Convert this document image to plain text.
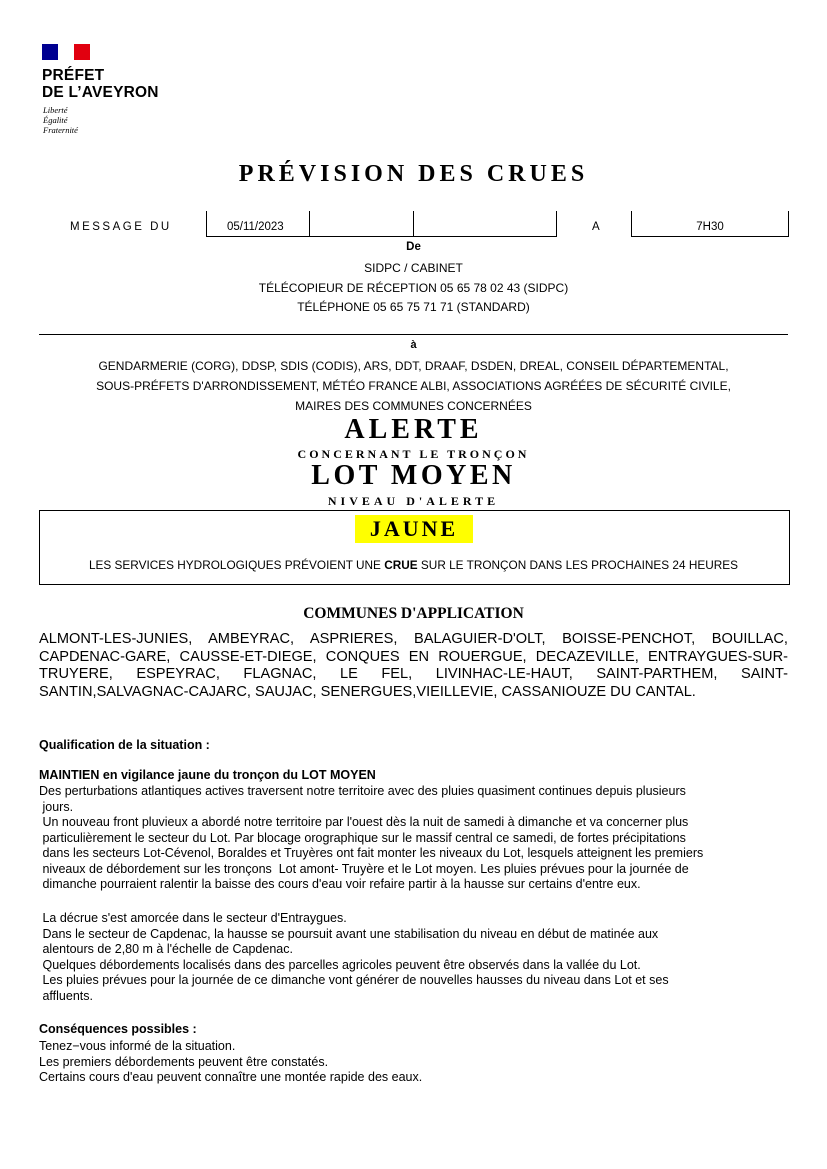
PRÉFET
DE L’AVEYRON
Liberté
Égalité
Fraternité
PRÉVISION DES CRUES
MESSAGE DU	05/11/2023	A	7H30
De
SIDPC / CABINET
TÉLÉCOPIEUR DE RÉCEPTION 05 65 78 02 43 (SIDPC)
TÉLÉPHONE 05 65 75 71 71 (STANDARD)
à
GENDARMERIE (CORG), DDSP, SDIS (CODIS), ARS, DDT, DRAAF, DSDEN, DREAL, CONSEIL DÉPARTEMENTAL,
SOUS-PRÉFETS D'ARRONDISSEMENT, MÉTÉO FRANCE ALBI, ASSOCIATIONS AGRÉÉES DE SÉCURITÉ CIVILE,
MAIRES DES COMMUNES CONCERNÉES
ALERTE
CONCERNANT LE TRONÇON
LOT MOYEN
NIVEAU D'ALERTE
JAUNE
LES SERVICES HYDROLOGIQUES PRÉVOIENT UNE CRUE SUR LE TRONÇON DANS LES PROCHAINES 24 HEURES
COMMUNES D'APPLICATION
ALMONT-LES-JUNIES, AMBEYRAC, ASPRIERES, BALAGUIER-D'OLT, BOISSE-PENCHOT, BOUILLAC, CAPDENAC-GARE, CAUSSE-ET-DIEGE, CONQUES EN ROUERGUE, DECAZEVILLE, ENTRAYGUES-SUR-TRUYERE, ESPEYRAC, FLAGNAC, LE FEL, LIVINHAC-LE-HAUT, SAINT-PARTHEM, SAINT-SANTIN,SALVAGNAC-CAJARC, SAUJAC, SENERGUES,VIEILLEVIE, CASSANIOUZE DU CANTAL.
Qualification de la situation :
MAINTIEN en vigilance jaune du tronçon du LOT MOYEN

Des perturbations atlantiques actives traversent notre territoire avec des pluies quasiment continues depuis plusieurs

jours.

Un nouveau front pluvieux a abordé notre territoire par l'ouest dès la nuit de samedi à dimanche et va concerner plus

particulièrement le secteur du Lot. Par blocage orographique sur le massif central ce samedi, de fortes précipitations

dans les secteurs Lot-Cévenol, Boraldes et Truyères ont fait monter les niveaux du Lot, lesquels atteignent les premiers

niveaux de débordement sur les tronçons  Lot amont- Truyère et le Lot moyen. Les pluies prévues pour la journée de

dimanche pourraient ralentir la baisse des cours d'eau voir refaire partir à la hausse sur certains d'entre eux.

La décrue s'est amorcée dans le secteur d'Entraygues.

Dans le secteur de Capdenac, la hausse se poursuit avant une stabilisation du niveau en début de matinée aux

alentours de 2,80 m à l'échelle de Capdenac.

Quelques débordements localisés dans des parcelles agricoles peuvent être observés dans la vallée du Lot.

Les pluies prévues pour la journée de ce dimanche vont générer de nouvelles hausses du niveau dans Lot et ses

affluents.

Conséquences possibles :

Tenez−vous informé de la situation.

Les premiers débordements peuvent être constatés.

Certains cours d'eau peuvent connaître une montée rapide des eaux.
